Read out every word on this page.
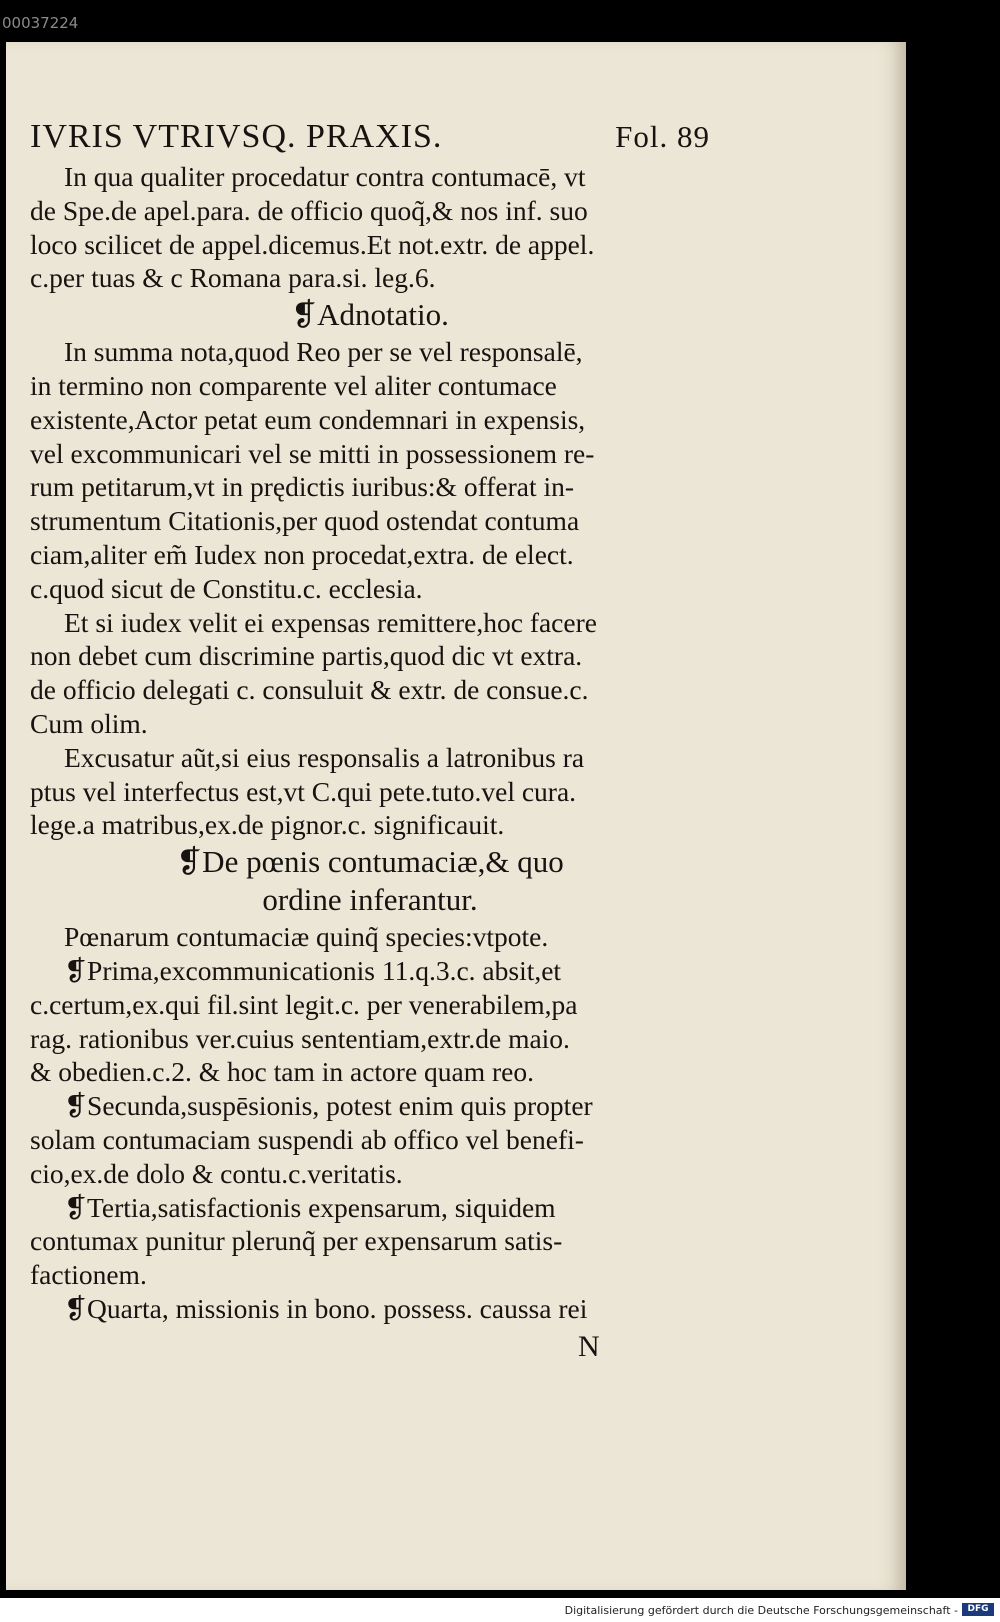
00037224
IVRIS VTRIVSQ. PRAXIS.	Fol. 89
In qua qualiter procedatur contra contumacē, vt
de Spe.de apel.para. de officio quoq̃,& nos inf. suo
loco scilicet de appel.dicemus.Et not.extr. de appel.
c.per tuas & c Romana para.si. leg.6.
❡Adnotatio.
In summa nota,quod Reo per se vel responsalē,
in termino non comparente vel aliter contumace
existente,Actor petat eum condemnari in expensis,
vel excommunicari vel se mitti in possessionem re-
rum petitarum,vt in prędictis iuribus:& offerat in-
strumentum Citationis,per quod ostendat contuma
ciam,aliter em̃ Iudex non procedat,extra. de elect.
c.quod sicut de Constitu.c. ecclesia.
Et si iudex velit ei expensas remittere,hoc facere
non debet cum discrimine partis,quod dic vt extra.
de officio delegati c. consuluit & extr. de consue.c.
Cum olim.
Excusatur aũt,si eius responsalis a latronibus ra
ptus vel interfectus est,vt C.qui pete.tuto.vel cura.
lege.a matribus,ex.de pignor.c. significauit.
❡De pœnis contumaciæ,& quo
ordine inferantur.
Pœnarum contumaciæ quinq̃ species:vtpote.
❡Prima,excommunicationis 11.q.3.c. absit,et
c.certum,ex.qui fil.sint legit.c. per venerabilem,pa
rag. rationibus ver.cuius sententiam,extr.de maio.
& obedien.c.2. & hoc tam in actore quam reo.
❡Secunda,suspēsionis, potest enim quis propter
solam contumaciam suspendi ab offico vel benefi-
cio,ex.de dolo & contu.c.veritatis.
❡Tertia,satisfactionis expensarum, siquidem
contumax punitur plerunq̃ per expensarum satis-
factionem.
❡Quarta, missionis in bono. possess. caussa rei
N
Digitalisierung gefördert durch die Deutsche Forschungsgemeinschaft -	DFG
